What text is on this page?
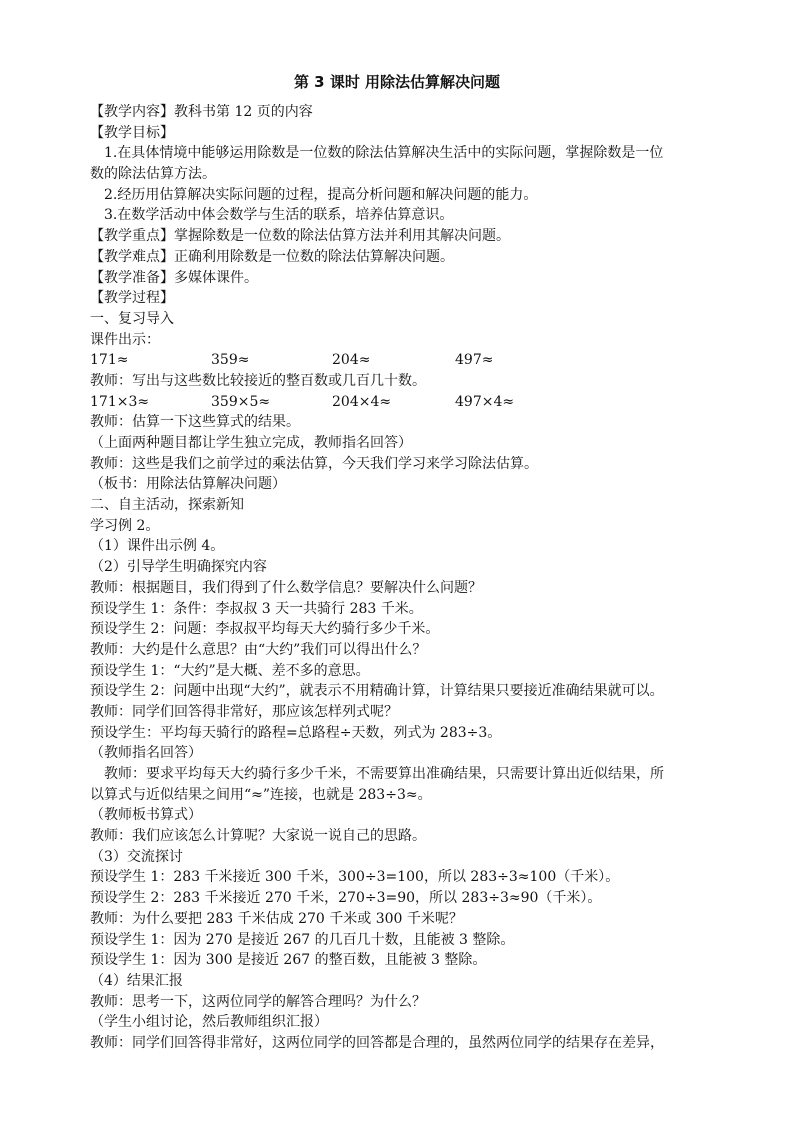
第 3 课时 用除法估算解决问题
【教学内容】教科书第 12 页的内容
【教学目标】
　1.在具体情境中能够运用除数是一位数的除法估算解决生活中的实际问题，掌握除数是一位
数的除法估算方法。
　2.经历用估算解决实际问题的过程，提高分析问题和解决问题的能力。
　3.在数学活动中体会数学与生活的联系，培养估算意识。
【教学重点】掌握除数是一位数的除法估算方法并利用其解决问题。
【教学难点】正确利用除数是一位数的除法估算解决问题。
【教学准备】多媒体课件。
【教学过程】
一、复习导入
课件出示：
171≈	359≈	204≈	497≈
教师：写出与这些数比较接近的整百数或几百几十数。
171×3≈	359×5≈	204×4≈	497×4≈
教师：估算一下这些算式的结果。
（上面两种题目都让学生独立完成，教师指名回答）
教师：这些是我们之前学过的乘法估算，今天我们学习来学习除法估算。
（板书：用除法估算解决问题）
二、自主活动，探索新知
学习例 2。
（1）课件出示例 4。
（2）引导学生明确探究内容
教师：根据题目，我们得到了什么数学信息？要解决什么问题？
预设学生 1：条件：李叔叔 3 天一共骑行 283 千米。
预设学生 2：问题：李叔叔平均每天大约骑行多少千米。
教师：大约是什么意思？由“大约”我们可以得出什么？
预设学生 1：“大约”是大概、差不多的意思。
预设学生 2：问题中出现“大约”，就表示不用精确计算，计算结果只要接近准确结果就可以。
教师：同学们回答得非常好，那应该怎样列式呢？
预设学生：平均每天骑行的路程=总路程÷天数，列式为 283÷3。
（教师指名回答）
　教师：要求平均每天大约骑行多少千米，不需要算出准确结果，只需要计算出近似结果，所
以算式与近似结果之间用“≈”连接，也就是 283÷3≈。
（教师板书算式）
教师：我们应该怎么计算呢？大家说一说自己的思路。
（3）交流探讨
预设学生 1：283 千米接近 300 千米，300÷3=100，所以 283÷3≈100（千米）。
预设学生 2：283 千米接近 270 千米，270÷3=90，所以 283÷3≈90（千米）。
教师：为什么要把 283 千米估成 270 千米或 300 千米呢？
预设学生 1：因为 270 是接近 267 的几百几十数，且能被 3 整除。
预设学生 1：因为 300 是接近 267 的整百数，且能被 3 整除。
（4）结果汇报
教师：思考一下，这两位同学的解答合理吗？为什么？
（学生小组讨论，然后教师组织汇报）
教师：同学们回答得非常好，这两位同学的回答都是合理的，虽然两位同学的结果存在差异，
